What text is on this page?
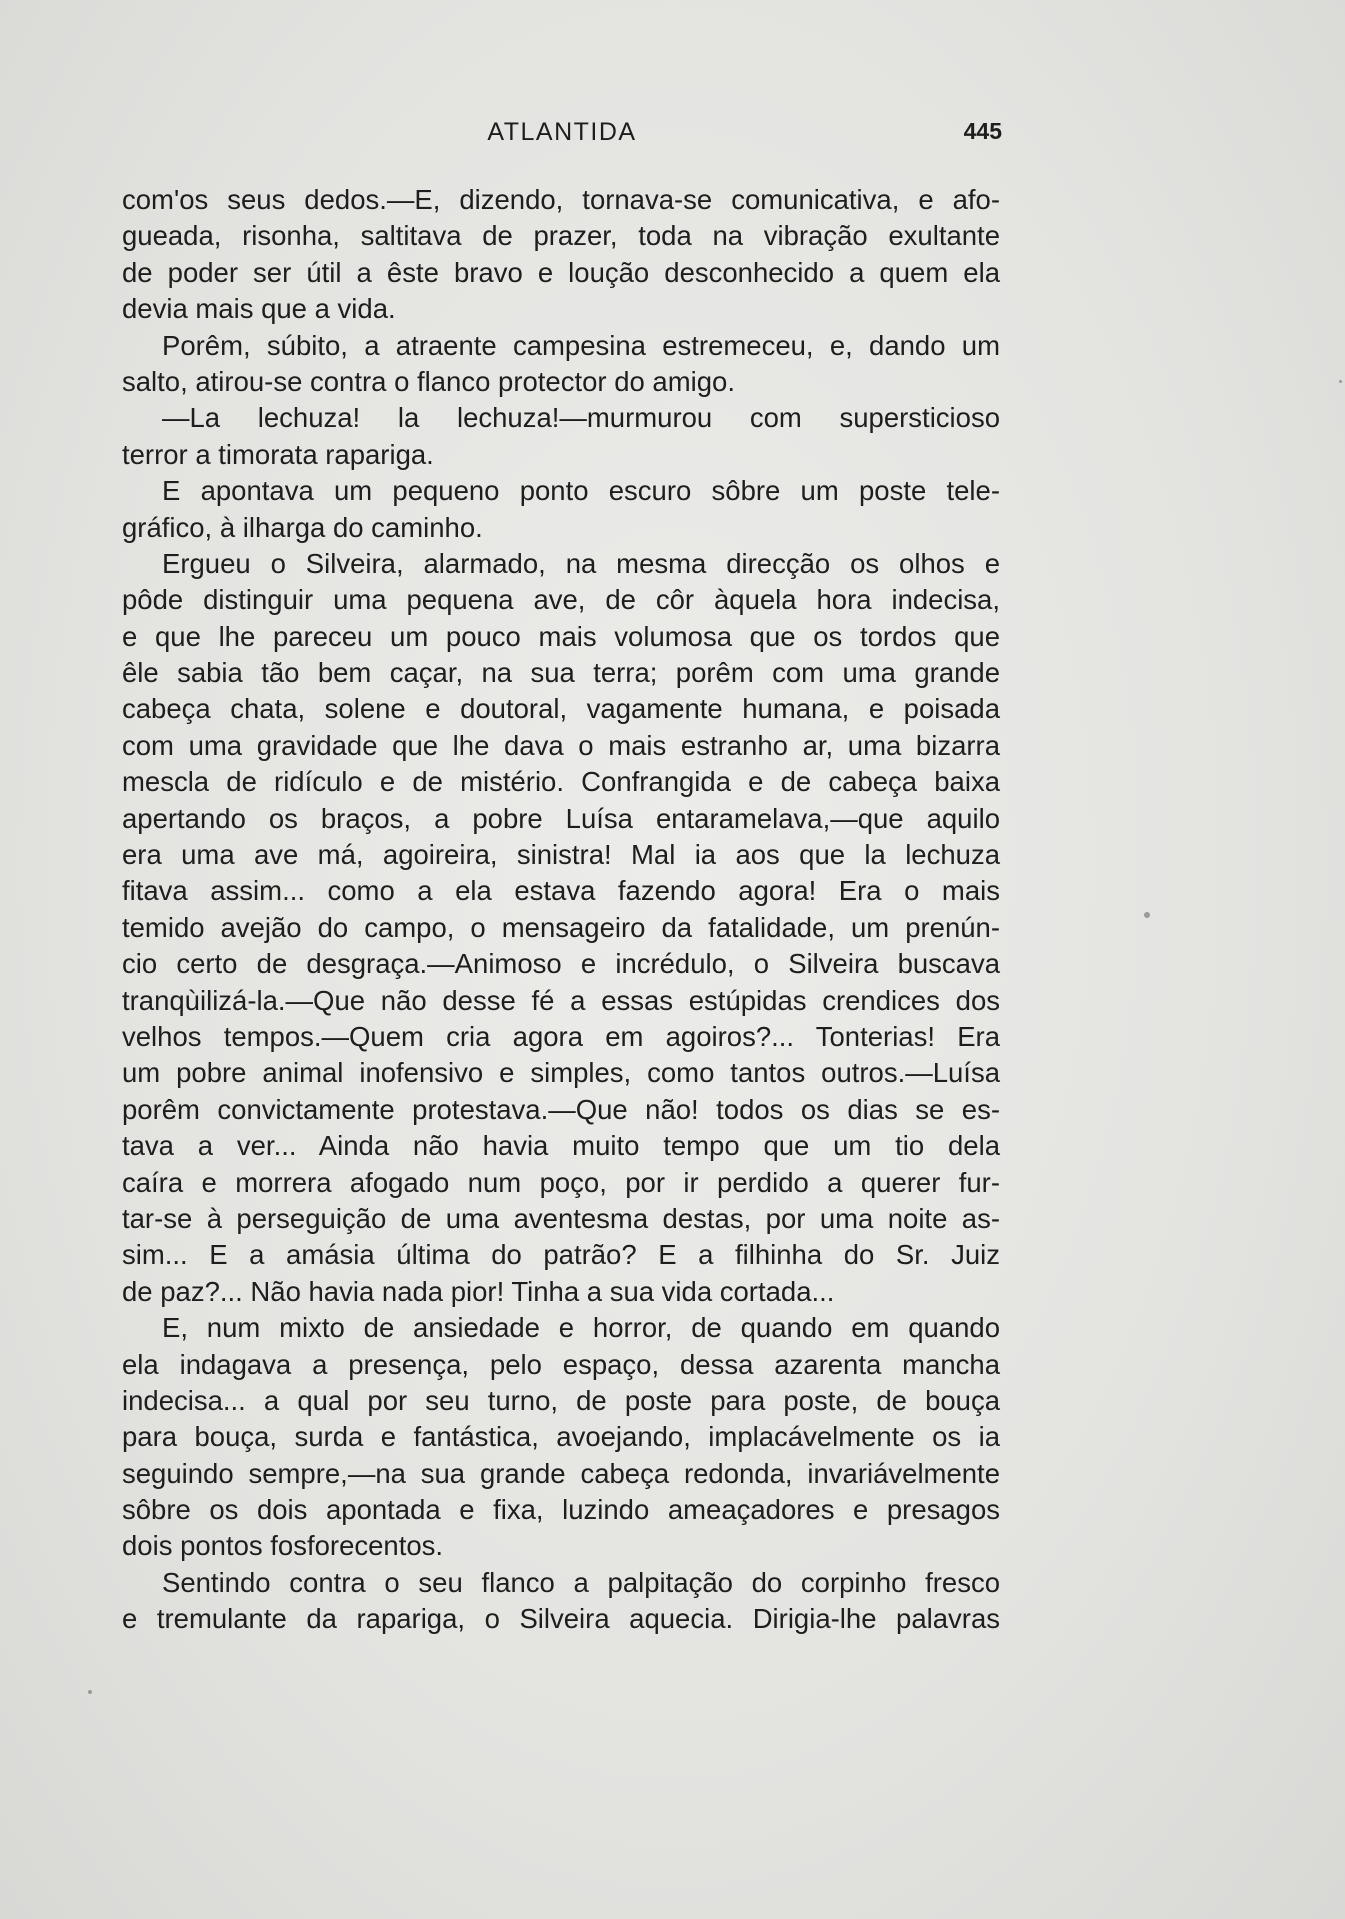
ATLANTIDA	445
com'os seus dedos.—E, dizendo, tornava-se comunicativa, e afo-
gueada, risonha, saltitava de prazer, toda na vibração exultante
de poder ser útil a êste bravo e loução desconhecido a quem ela
devia mais que a vida.
Porêm, súbito, a atraente campesina estremeceu, e, dando um
salto, atirou-se contra o flanco protector do amigo.
—La lechuza! la lechuza!—murmurou com supersticioso
terror a timorata rapariga.
E apontava um pequeno ponto escuro sôbre um poste tele-
gráfico, à ilharga do caminho.
Ergueu o Silveira, alarmado, na mesma direcção os olhos e
pôde distinguir uma pequena ave, de côr àquela hora indecisa,
e que lhe pareceu um pouco mais volumosa que os tordos que
êle sabia tão bem caçar, na sua terra; porêm com uma grande
cabeça chata, solene e doutoral, vagamente humana, e poisada
com uma gravidade que lhe dava o mais estranho ar, uma bizarra
mescla de ridículo e de mistério. Confrangida e de cabeça baixa
apertando os braços, a pobre Luísa entaramelava,—que aquilo
era uma ave má, agoireira, sinistra! Mal ia aos que la lechuza
fitava assim... como a ela estava fazendo agora! Era o mais
temido avejão do campo, o mensageiro da fatalidade, um prenún-
cio certo de desgraça.—Animoso e incrédulo, o Silveira buscava
tranqùilizá-la.—Que não desse fé a essas estúpidas crendices dos
velhos tempos.—Quem cria agora em agoiros?... Tonterias! Era
um pobre animal inofensivo e simples, como tantos outros.—Luísa
porêm convictamente protestava.—Que não! todos os dias se es-
tava a ver... Ainda não havia muito tempo que um tio dela
caíra e morrera afogado num poço, por ir perdido a querer fur-
tar-se à perseguição de uma aventesma destas, por uma noite as-
sim... E a amásia última do patrão? E a filhinha do Sr. Juiz
de paz?... Não havia nada pior! Tinha a sua vida cortada...
E, num mixto de ansiedade e horror, de quando em quando
ela indagava a presença, pelo espaço, dessa azarenta mancha
indecisa... a qual por seu turno, de poste para poste, de bouça
para bouça, surda e fantástica, avoejando, implacávelmente os ia
seguindo sempre,—na sua grande cabeça redonda, invariávelmente
sôbre os dois apontada e fixa, luzindo ameaçadores e presagos
dois pontos fosforecentos.
Sentindo contra o seu flanco a palpitação do corpinho fresco
e tremulante da rapariga, o Silveira aquecia. Dirigia-lhe palavras
